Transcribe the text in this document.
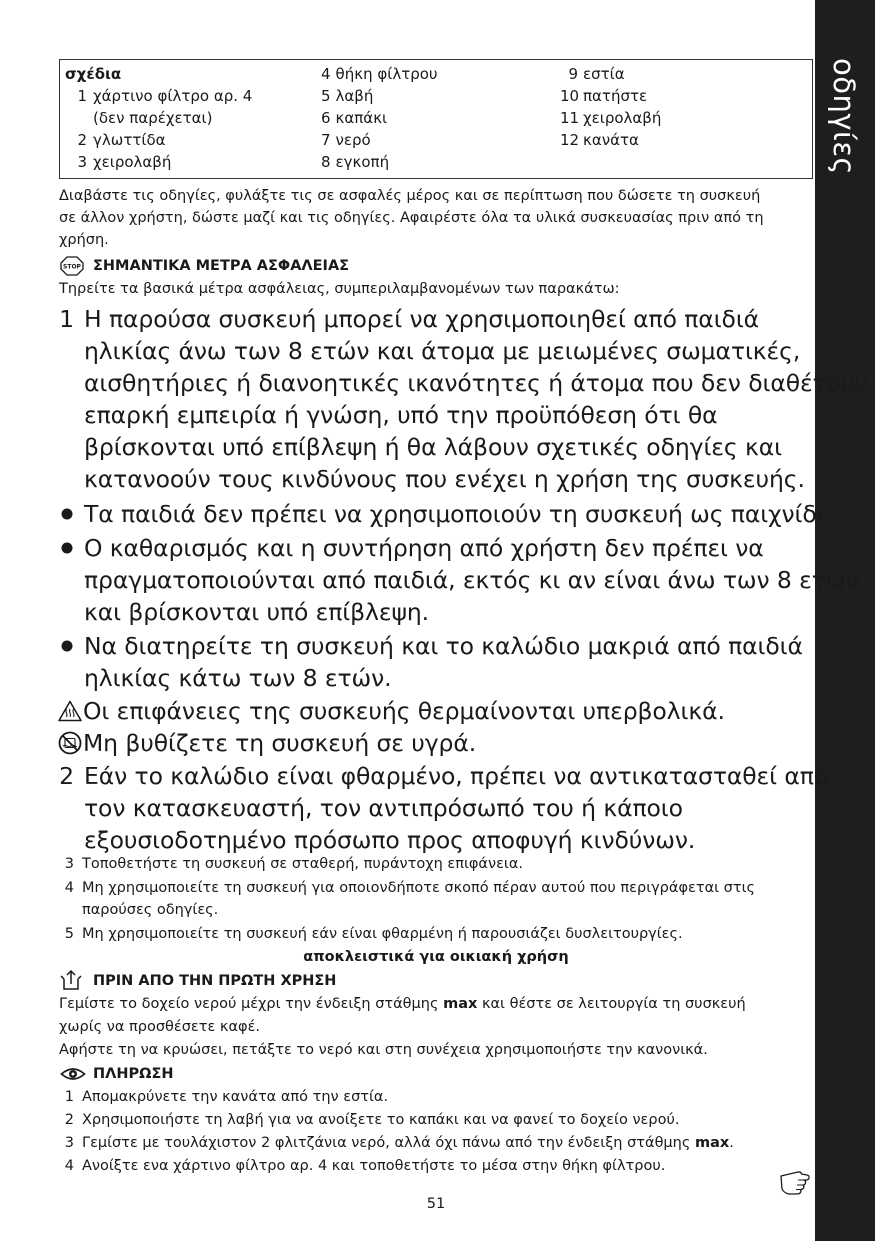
οδηγίες
σχέδια
1 χάρτινο φίλτρο αρ. 4
(δεν παρέχεται)
2 γλωττίδα
3 χειρολαβή
4 θήκη φίλτρου
5 λαβή
6 καπάκι
7 νερό
8 εγκοπή
9 εστία
10 πατήστε
11 χειρολαβή
12 κανάτα
Διαβάστε τις οδηγίες, φυλάξτε τις σε ασφαλές μέρος και σε περίπτωση που δώσετε τη συσκευή
σε άλλον χρήστη, δώστε μαζί και τις οδηγίες. Αφαιρέστε όλα τα υλικά συσκευασίας πριν από τη
χρήση.
STOP ΣΗΜΑΝΤΙΚΑ ΜΕΤΡΑ ΑΣΦΑΛΕΙΑΣ
Τηρείτε τα βασικά μέτρα ασφάλειας, συμπεριλαμβανομένων των παρακάτω:
1 Η παρούσα συσκευή μπορεί να χρησιμοποιηθεί από παιδιά
ηλικίας άνω των 8 ετών και άτομα με μειωμένες σωματικές,
αισθητήριες ή διανοητικές ικανότητες ή άτομα που δεν διαθέτουν
επαρκή εμπειρία ή γνώση, υπό την προϋπόθεση ότι θα
βρίσκονται υπό επίβλεψη ή θα λάβουν σχετικές οδηγίες και
κατανοούν τους κινδύνους που ενέχει η χρήση της συσκευής.
Τα παιδιά δεν πρέπει να χρησιμοποιούν τη συσκευή ως παιχνίδι.
Ο καθαρισμός και η συντήρηση από χρήστη δεν πρέπει να
πραγματοποιούνται από παιδιά, εκτός κι αν είναι άνω των 8 ετών
και βρίσκονται υπό επίβλεψη.
Να διατηρείτε τη συσκευή και το καλώδιο μακριά από παιδιά
ηλικίας κάτω των 8 ετών.
Οι επιφάνειες της συσκευής θερμαίνονται υπερβολικά.
Μη βυθίζετε τη συσκευή σε υγρά.
2 Εάν το καλώδιο είναι φθαρμένο, πρέπει να αντικατασταθεί από
τον κατασκευαστή, τον αντιπρόσωπό του ή κάποιο
εξουσιοδοτημένο πρόσωπο προς αποφυγή κινδύνων.
3 Τοποθετήστε τη συσκευή σε σταθερή, πυράντοχη επιφάνεια.
4 Μη χρησιμοποιείτε τη συσκευή για οποιονδήποτε σκοπό πέραν αυτού που περιγράφεται στις
παρούσες οδηγίες.
5 Μη χρησιμοποιείτε τη συσκευή εάν είναι φθαρμένη ή παρουσιάζει δυσλειτουργίες.
αποκλειστικά για οικιακή χρήση
ΠΡΙΝ ΑΠΟ ΤΗΝ ΠΡΩΤΗ ΧΡΗΣΗ
Γεμίστε το δοχείο νερού μέχρι την ένδειξη στάθμης max και θέστε σε λειτουργία τη συσκευή
χωρίς να προσθέσετε καφέ.
Αφήστε τη να κρυώσει, πετάξτε το νερό και στη συνέχεια χρησιμοποιήστε την κανονικά.
ΠΛΗΡΩΣΗ
1 Απομακρύνετε την κανάτα από την εστία.
2 Χρησιμοποιήστε τη λαβή για να ανοίξετε το καπάκι και να φανεί το δοχείο νερού.
3 Γεμίστε με τουλάχιστον 2 φλιτζάνια νερό, αλλά όχι πάνω από την ένδειξη στάθμης max.
4 Ανοίξτε ενα χάρτινο φίλτρο αρ. 4 και τοποθετήστε το μέσα στην θήκη φίλτρου.
51
